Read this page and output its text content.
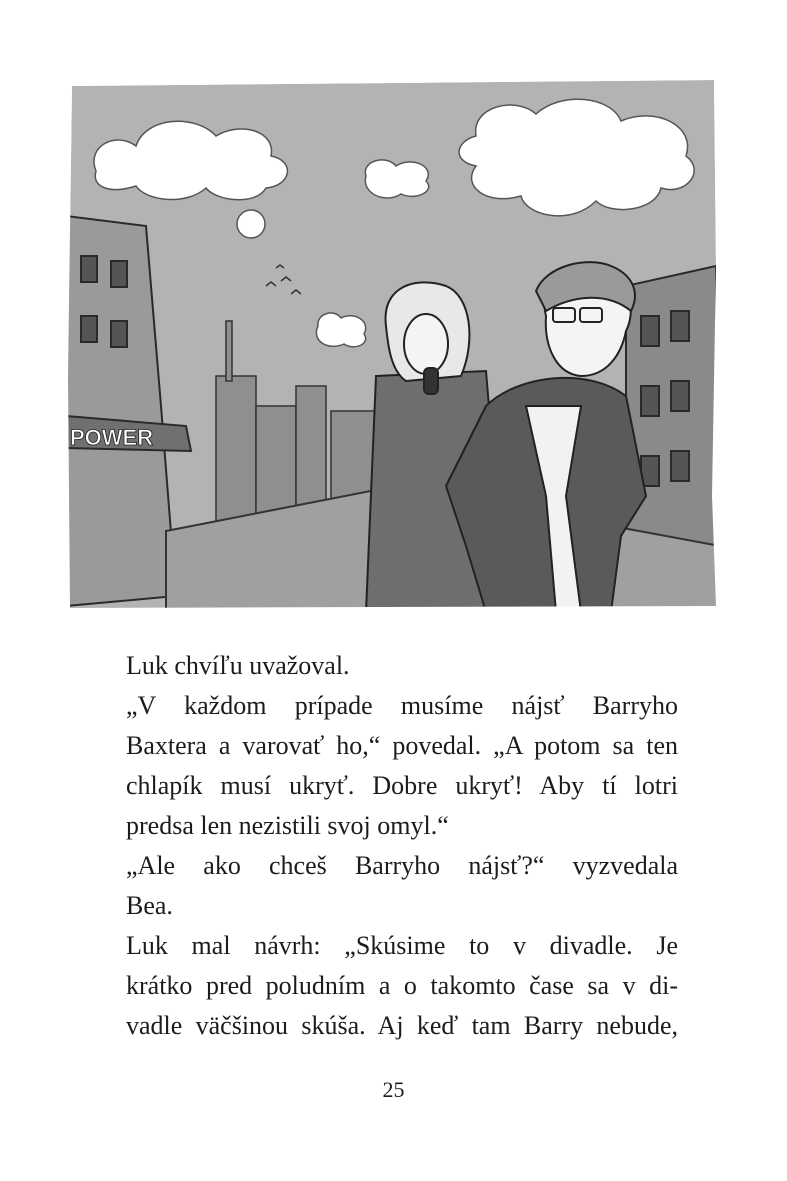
POWER

Luk chvíľu uvažoval.

„V každom prípade musíme nájsť Barryho
Baxtera a varovať ho,“ povedal. „A potom sa ten
chlapík musí ukryť. Dobre ukryť! Aby tí lotri
predsa len nezistili svoj omyl.“

„Ale ako chceš Barryho nájsť?“ vyzvedala
Bea.

Luk mal návrh: „Skúsime to v divadle. Je
krátko pred poludním a o takomto čase sa v di-
vadle väčšinou skúša. Aj keď tam Barry nebude,

25
